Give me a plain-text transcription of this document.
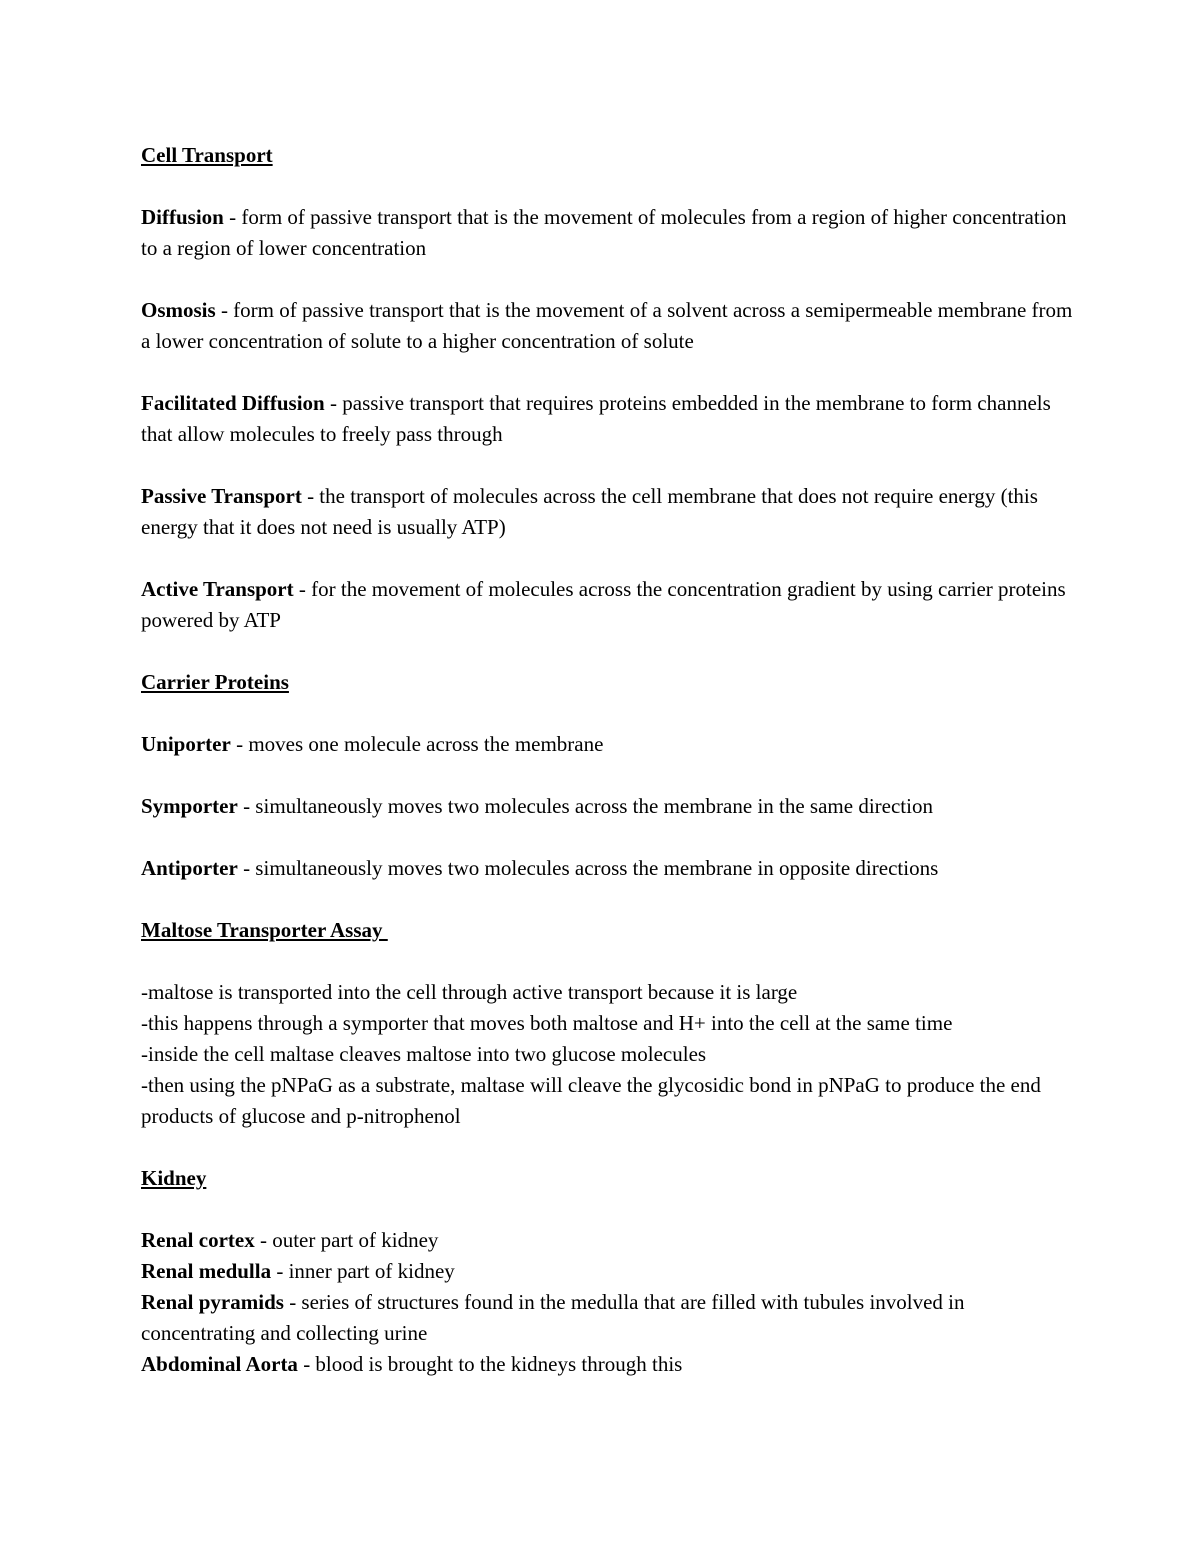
Cell Transport
Diffusion - form of passive transport that is the movement of molecules from a region of higher concentration to a region of lower concentration
Osmosis - form of passive transport that is the movement of a solvent across a semipermeable membrane from a lower concentration of solute to a higher concentration of solute
Facilitated Diffusion - passive transport that requires proteins embedded in the membrane to form channels that allow molecules to freely pass through
Passive Transport - the transport of molecules across the cell membrane that does not require energy (this energy that it does not need is usually ATP)
Active Transport - for the movement of molecules across the concentration gradient by using carrier proteins powered by ATP
Carrier Proteins
Uniporter - moves one molecule across the membrane
Symporter - simultaneously moves two molecules across the membrane in the same direction
Antiporter - simultaneously moves two molecules across the membrane in opposite directions
Maltose Transporter Assay
-maltose is transported into the cell through active transport because it is large
-this happens through a symporter that moves both maltose and H+ into the cell at the same time
-inside the cell maltase cleaves maltose into two glucose molecules
-then using the pNPaG as a substrate, maltase will cleave the glycosidic bond in pNPaG to produce the end products of glucose and p-nitrophenol
Kidney
Renal cortex - outer part of kidney
Renal medulla - inner part of kidney
Renal pyramids - series of structures found in the medulla that are filled with tubules involved in concentrating and collecting urine
Abdominal Aorta - blood is brought to the kidneys through this
